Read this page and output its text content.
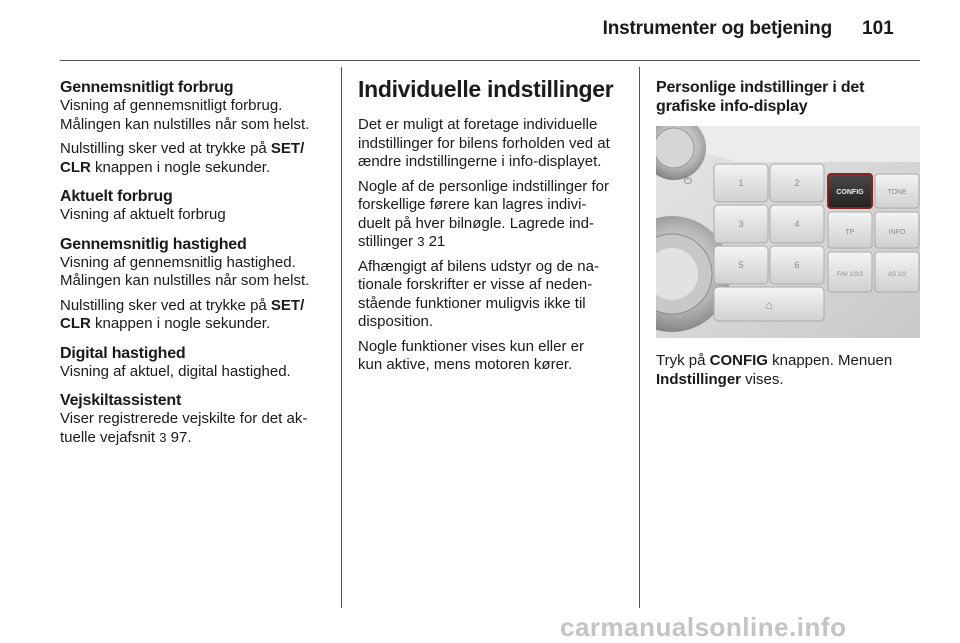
Instrumenter og betjening 101
Gennemsnitligt forbrug

Visning af gennemsnitligt forbrug.
Målingen kan nulstilles når som helst.

Nulstilling sker ved at trykke på SET/
CLR knappen i nogle sekunder.

Aktuelt forbrug

Visning af aktuelt forbrug

Gennemsnitlig hastighed

Visning af gennemsnitlig hastighed.
Målingen kan nulstilles når som helst.

Nulstilling sker ved at trykke på SET/
CLR knappen i nogle sekunder.

Digital hastighed

Visning af aktuel, digital hastighed.

Vejskiltassistent

Viser registrerede vejskilte for det ak-
tuelle vejafsnit 3 97.

Individuelle indstillinger

Det er muligt at foretage individuelle
indstillinger for bilens forholden ved at
ændre indstillingerne i info-displayet.

Nogle af de personlige indstillinger for
forskellige førere kan lagres indivi-
duelt på hver bilnøgle. Lagrede ind-
stillinger 3 21

Afhængigt af bilens udstyr og de na-
tionale forskrifter er visse af neden-
stående funktioner muligvis ikke til
disposition.

Nogle funktioner vises kun eller er
kun aktive, mens motoren kører.

Personlige indstillinger i det
grafiske info-display
⏻	1	2
3	4
5	6
⌂
CONFIG	TONE
TP	INFO
FAV 1/2/3	AS 1/2

Tryk på CONFIG knappen. Menuen
Indstillinger vises.

carmanualsonline.info
